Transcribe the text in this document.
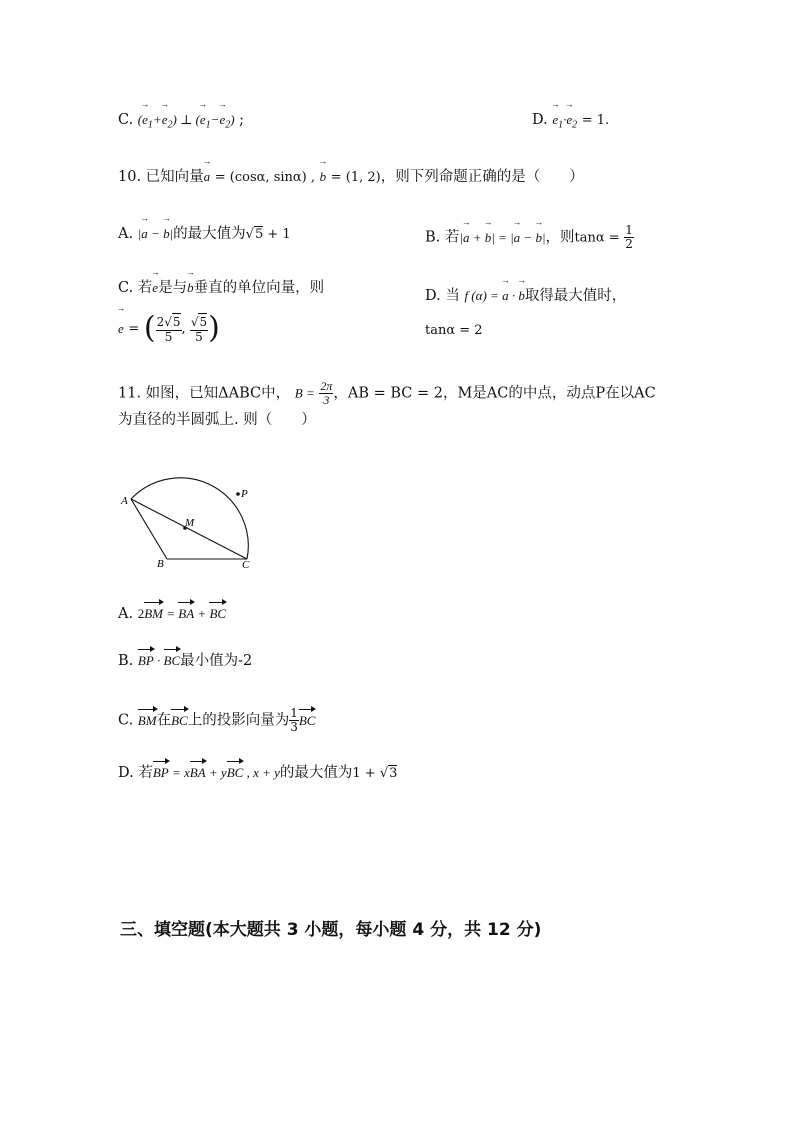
C. (→ $e_1+\to e_2$) ⊥ (→ $e_1-\to e_2$) ;	D. → $e_1\cdot\to e_2 = 1$.
10. 已知向量→ a = (cosα, sinα) , → b = (1, 2)，则下列命题正确的是（　　）
A. |→ a − → b|的最大值为√5 + 1	B. 若|→ a + → b| = |→ a − → b|，则$\tan\alpha = \frac{1}{2}$
C. 若→ e是与→ b垂直的单位向量，则
→ e = ( $\frac{2√5}{5}$ , $\frac{√5}{5}$ )
D. 当 f (α) = → a · → b取得最大值时，
tanα = 2
11. 如图，已知ΔABC中， $B = \frac{2\pi}{3}$ ，AB = BC = 2，M是AC的中点，动点P在以AC
为直径的半圆弧上. 则（　　）
A
M
P
B	C
A. 2BM = BA + BC
B. BP · BC最小值为-2
C. BM在BC上的投影向量为 $\frac{1}{3}$ BC
D. 若BP = xBA + yBC , x + y的最大值为1 + √3
三、填空题(本大题共 3 小题，每小题 4 分，共 12 分)
